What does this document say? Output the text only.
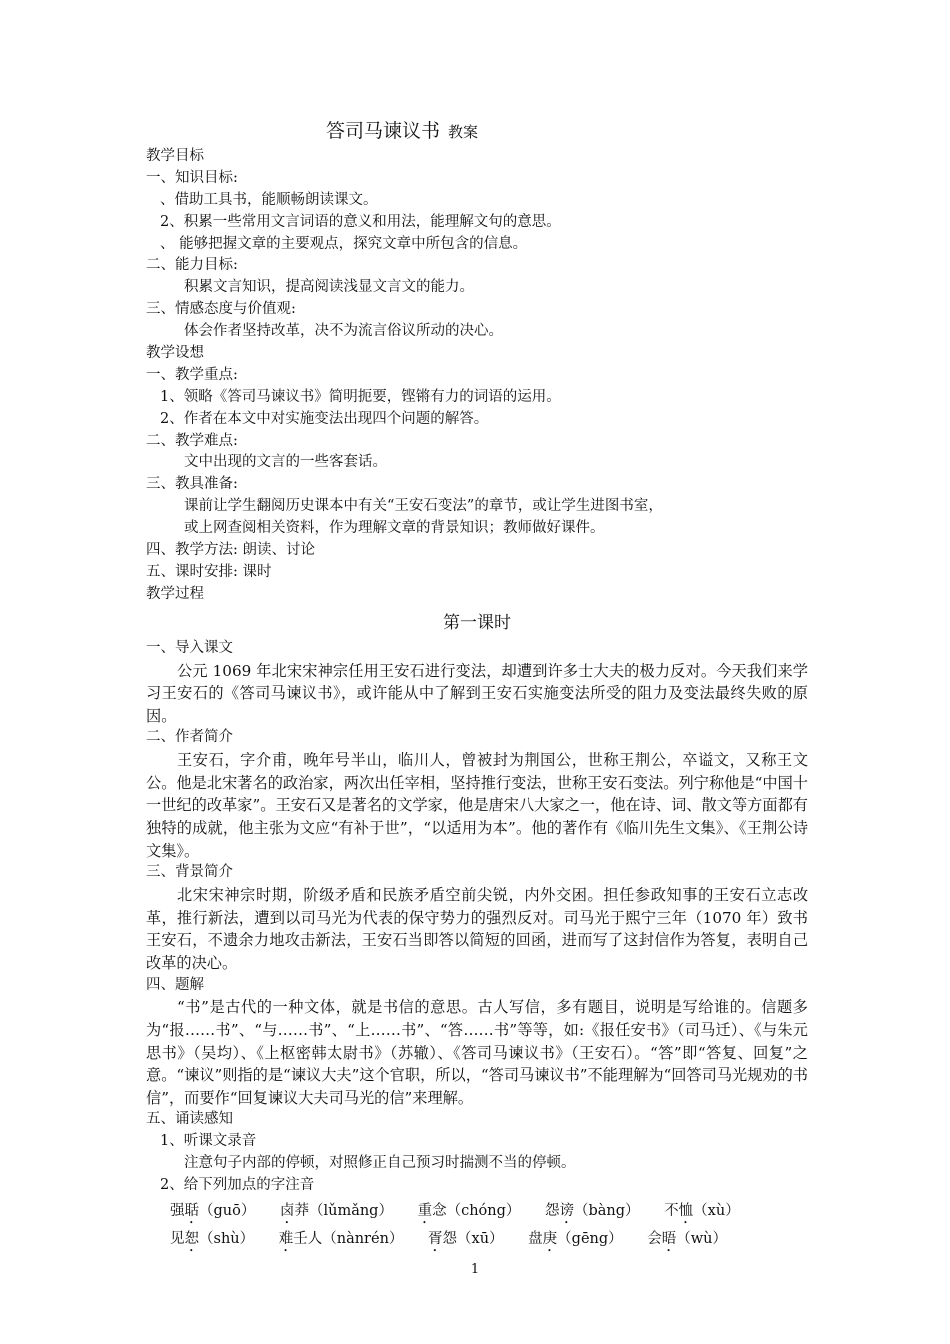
答司马谏议书 教案
教学目标
一、知识目标:
、借助工具书，能顺畅朗读课文。
2、积累一些常用文言词语的意义和用法，能理解文句的意思。
、 能够把握文章的主要观点，探究文章中所包含的信息。
二、能力目标:
积累文言知识，提高阅读浅显文言文的能力。
三、情感态度与价值观:
体会作者坚持改革，决不为流言俗议所动的决心。
教学设想
一、教学重点:
1、领略《答司马谏议书》简明扼要，铿锵有力的词语的运用。
2、作者在本文中对实施变法出现四个问题的解答。
二、教学难点:
文中出现的文言的一些客套话。
三、教具准备:
课前让学生翻阅历史课本中有关“王安石变法”的章节，或让学生进图书室，
或上网查阅相关资料，作为理解文章的背景知识；教师做好课件。
四、教学方法: 朗读、讨论
五、课时安排: 课时
教学过程
第一课时
一、导入课文

公元 1069 年北宋宋神宗任用王安石进行变法，却遭到许多士大夫的极力反对。今天我们来学习王安石的《答司马谏议书》，或许能从中了解到王安石实施变法所受的阻力及变法最终失败的原因。

二、作者简介

王安石，字介甫，晚年号半山，临川人，曾被封为荆国公，世称王荆公，卒谥文，又称王文公。他是北宋著名的政治家，两次出任宰相，坚持推行变法，世称王安石变法。列宁称他是“中国十一世纪的改革家”。王安石又是著名的文学家，他是唐宋八大家之一，他在诗、词、散文等方面都有独特的成就，他主张为文应“有补于世”，“以适用为本”。他的著作有《临川先生文集》、《王荆公诗文集》。

三、背景简介

北宋宋神宗时期，阶级矛盾和民族矛盾空前尖锐，内外交困。担任参政知事的王安石立志改革，推行新法，遭到以司马光为代表的保守势力的强烈反对。司马光于熙宁三年（1070 年）致书王安石，不遗余力地攻击新法，王安石当即答以简短的回函，进而写了这封信作为答复，表明自己改革的决心。

四、题解

“书”是古代的一种文体，就是书信的意思。古人写信，多有题目，说明是写给谁的。信题多为“报……书”、“与……书”、“上……书”、“答……书”等等，如:《报任安书》（司马迁）、《与朱元思书》（吴均）、《上枢密韩太尉书》（苏辙）、《答司马谏议书》（王安石）。“答”即“答复、回复”之意。“谏议”则指的是“谏议大夫”这个官职，所以，“答司马谏议书”不能理解为“回答司马光规劝的书信”，而要作“回复谏议大夫司马光的信”来理解。

五、诵读感知
1、听课文录音
注意句子内部的停顿，对照修正自己预习时揣测不当的停顿。
2、给下列加点的字注音
强聒（guō） 卤莽（lǔmǎng） 重念（chóng） 怨谤（bàng） 不恤（xù）
见恕（shù） 难壬人（nànrén） 胥怨（xū） 盘庚（gēng） 会晤（wù）
1
